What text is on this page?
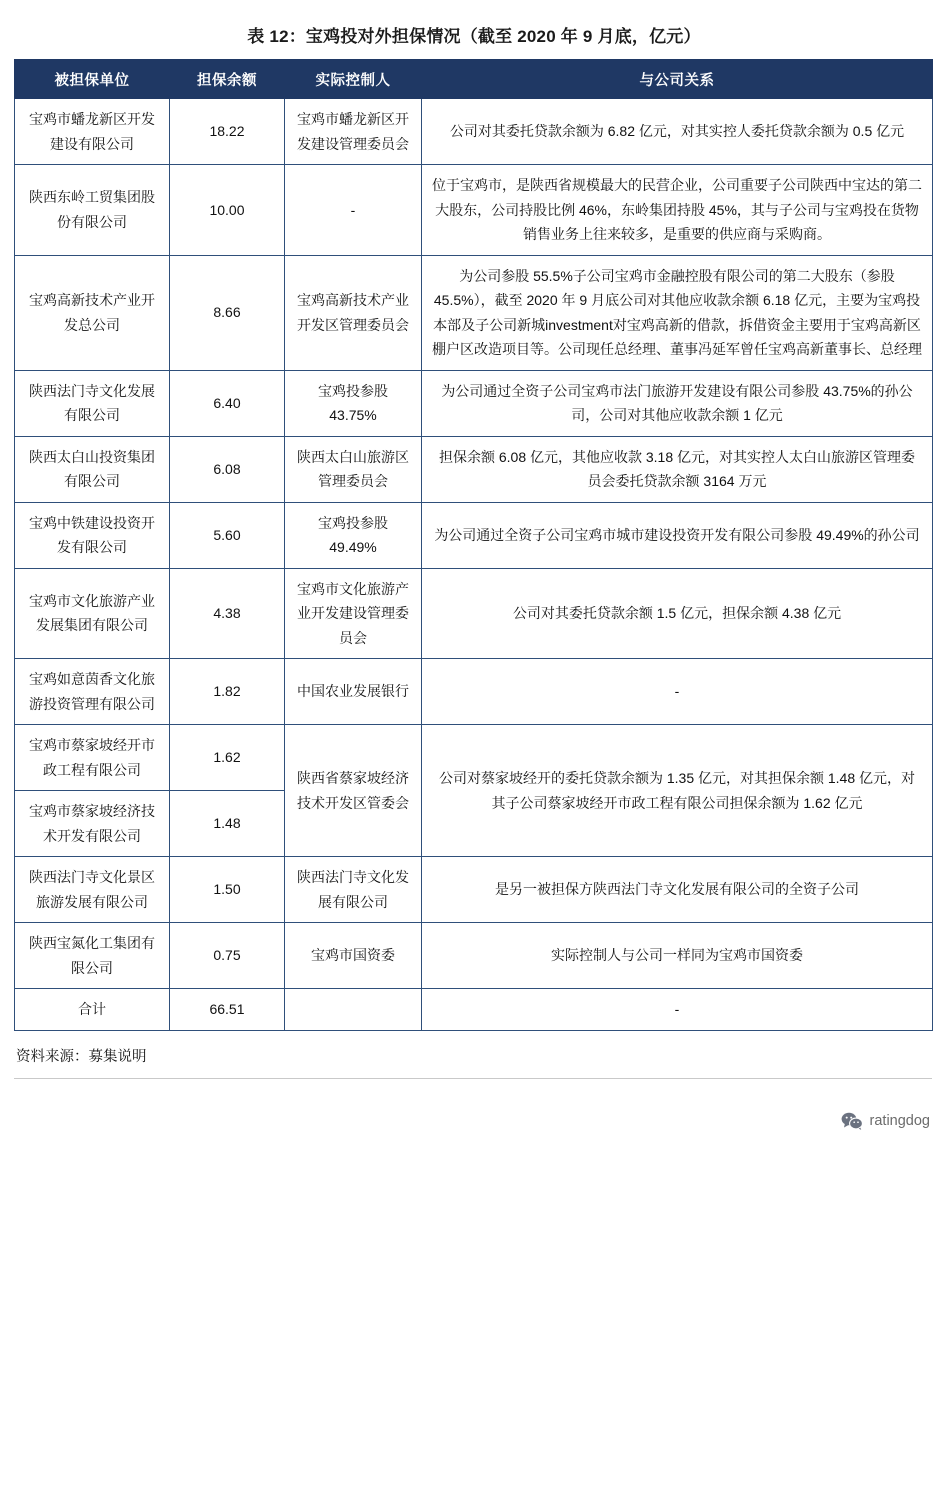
表 12：宝鸡投对外担保情况（截至 2020 年 9 月底，亿元）
被担保单位	担保余额	实际控制人	与公司关系
宝鸡市蟠龙新区开发建设有限公司	18.22	宝鸡市蟠龙新区开发建设管理委员会	公司对其委托贷款余额为 6.82 亿元，对其实控人委托贷款余额为 0.5 亿元
陕西东岭工贸集团股份有限公司	10.00	-	位于宝鸡市，是陕西省规模最大的民营企业，公司重要子公司陕西中宝达的第二大股东，公司持股比例 46%，东岭集团持股 45%，其与子公司与宝鸡投在货物销售业务上往来较多，是重要的供应商与采购商。
宝鸡高新技术产业开发总公司	8.66	宝鸡高新技术产业开发区管理委员会	为公司参股 55.5%子公司宝鸡市金融控股有限公司的第二大股东（参股 45.5%），截至 2020 年 9 月底公司对其他应收款余额 6.18 亿元，主要为宝鸡投本部及子公司新城investment对宝鸡高新的借款，拆借资金主要用于宝鸡高新区棚户区改造项目等。公司现任总经理、董事冯延军曾任宝鸡高新董事长、总经理
陕西法门寺文化发展有限公司	6.40	宝鸡投参股 43.75%	为公司通过全资子公司宝鸡市法门旅游开发建设有限公司参股 43.75%的孙公司，公司对其他应收款余额 1 亿元
陕西太白山投资集团有限公司	6.08	陕西太白山旅游区管理委员会	担保余额 6.08 亿元，其他应收款 3.18 亿元，对其实控人太白山旅游区管理委员会委托贷款余额 3164 万元
宝鸡中铁建设投资开发有限公司	5.60	宝鸡投参股 49.49%	为公司通过全资子公司宝鸡市城市建设投资开发有限公司参股 49.49%的孙公司
宝鸡市文化旅游产业发展集团有限公司	4.38	宝鸡市文化旅游产业开发建设管理委员会	公司对其委托贷款余额 1.5 亿元，担保余额 4.38 亿元
宝鸡如意茵香文化旅游投资管理有限公司	1.82	中国农业发展银行	-
宝鸡市蔡家坡经开市政工程有限公司	1.62	陕西省蔡家坡经济技术开发区管委会	公司对蔡家坡经开的委托贷款余额为 1.35 亿元，对其担保余额 1.48 亿元，对其子公司蔡家坡经开市政工程有限公司担保余额为 1.62 亿元
宝鸡市蔡家坡经济技术开发有限公司	1.48		
陕西法门寺文化景区旅游发展有限公司	1.50	陕西法门寺文化发展有限公司	是另一被担保方陕西法门寺文化发展有限公司的全资子公司
陕西宝氮化工集团有限公司	0.75	宝鸡市国资委	实际控制人与公司一样同为宝鸡市国资委
合计	66.51		-
资料来源：募集说明
ratingdog
